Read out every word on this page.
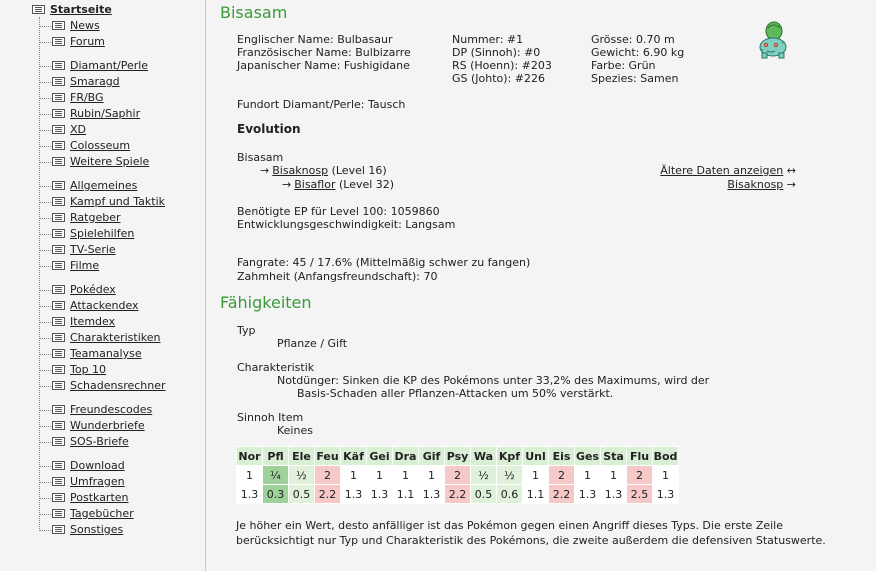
Startseite
News
Forum
Diamant/Perle
Smaragd
FR/BG
Rubin/Saphir
XD
Colosseum
Weitere Spiele
Allgemeines
Kampf und Taktik
Ratgeber
Spielehilfen
TV-Serie
Filme
Pokédex
Attackendex
Itemdex
Charakteristiken
Teamanalyse
Top 10
Schadensrechner
Freundescodes
Wunderbriefe
SOS-Briefe
Download
Umfragen
Postkarten
Tagebücher
Sonstiges
Bisasam
Englischer Name: Bulbasaur
Französischer Name: Bulbizarre
Japanischer Name: Fushigidane
Nummer: #1
DP (Sinnoh): #0
RS (Hoenn): #203
GS (Johto): #226
Grösse: 0.70 m
Gewicht: 6.90 kg
Farbe: Grün
Spezies: Samen
Fundort Diamant/Perle: Tausch
Evolution
Bisasam
→ Bisaknosp (Level 16)
→ Bisaflor (Level 32)
Ältere Daten anzeigen ↔
Bisaknosp →
Benötigte EP für Level 100: 1059860
Entwicklungsgeschwindigkeit: Langsam
Fangrate: 45 / 17.6% (Mittelmäßig schwer zu fangen)
Zahmheit (Anfangsfreundschaft): 70
Fähigkeiten
Typ
Pflanze / Gift
Charakteristik
Notdünger: Sinken die KP des Pokémons unter 33,2% des Maximums, wird der
Basis-Schaden aller Pflanzen-Attacken um 50% verstärkt.
Sinnoh Item
Keines
Nor	Pfl	Ele	Feu	Käf	Gei	Dra	Gif	Psy	Wa	Kpf	Unl	Eis	Ges	Sta	Flu	Bod
1	¼	½	2	1	1	1	1	2	½	½	1	2	1	1	2	1
1.3	0.3	0.5	2.2	1.3	1.3	1.1	1.3	2.2	0.5	0.6	1.1	2.2	1.3	1.3	2.5	1.3
Je höher ein Wert, desto anfälliger ist das Pokémon gegen einen Angriff dieses Typs. Die erste Zeile berücksichtigt nur Typ und Charakteristik des Pokémons, die zweite außerdem die defensiven Statuswerte.
